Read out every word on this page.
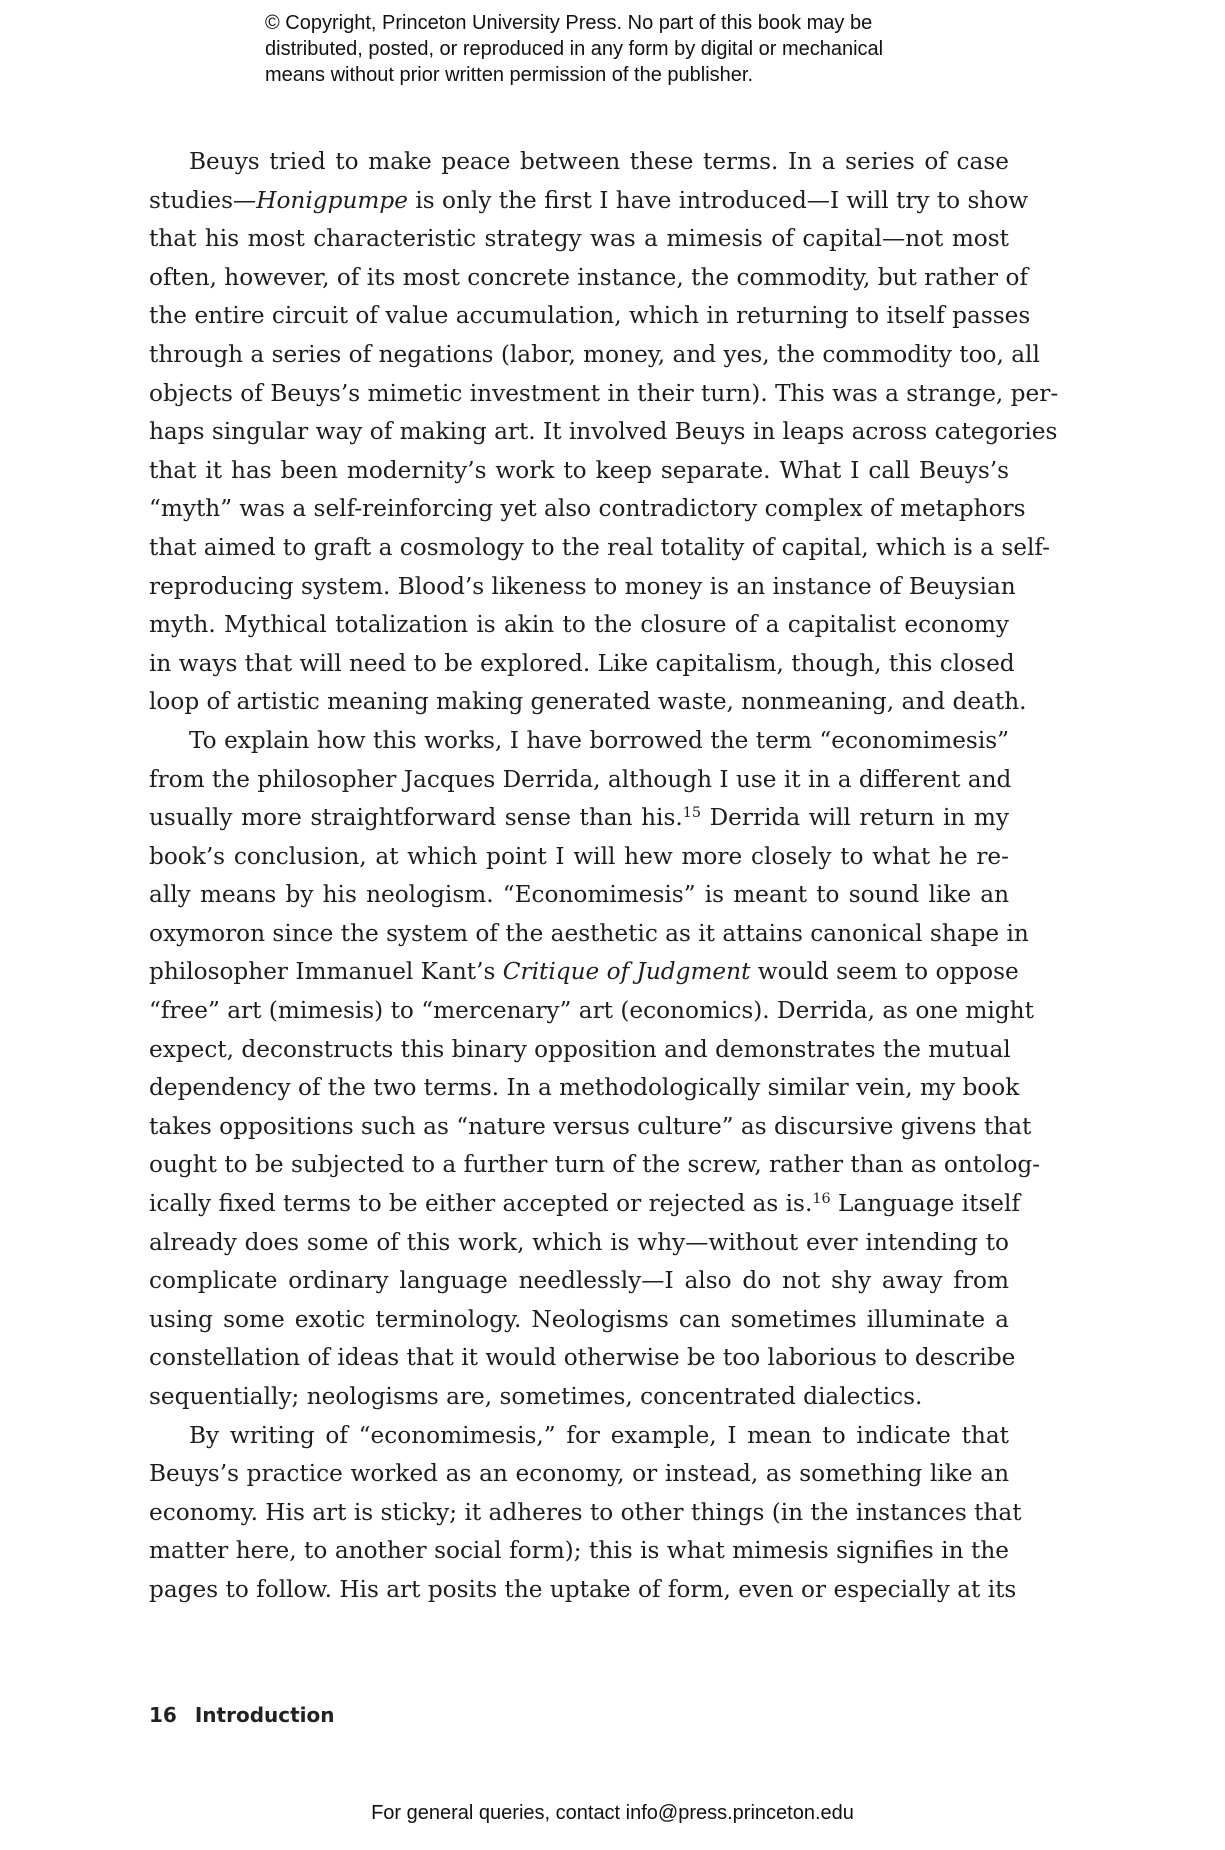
© Copyright, Princeton University Press. No part of this book may be
distributed, posted, or reproduced in any form by digital or mechanical
means without prior written permission of the publisher.
Beuys tried to make peace between these terms. In a series of case
studies—Honigpumpe is only the first I have introduced—I will try to show
that his most characteristic strategy was a mimesis of capital—not most
often, however, of its most concrete instance, the commodity, but rather of
the entire circuit of value accumulation, which in returning to itself passes
through a series of negations (labor, money, and yes, the commodity too, all
objects of Beuys’s mimetic investment in their turn). This was a strange, per-
haps singular way of making art. It involved Beuys in leaps across categories
that it has been modernity’s work to keep separate. What I call Beuys’s
“myth” was a self-reinforcing yet also contradictory complex of metaphors
that aimed to graft a cosmology to the real totality of capital, which is a self-
reproducing system. Blood’s likeness to money is an instance of Beuysian
myth. Mythical totalization is akin to the closure of a capitalist economy
in ways that will need to be explored. Like capitalism, though, this closed
loop of artistic meaning making generated waste, nonmeaning, and death.
To explain how this works, I have borrowed the term “economimesis”
from the philosopher Jacques Derrida, although I use it in a different and
usually more straightforward sense than his.$^{15}$ Derrida will return in my
book’s conclusion, at which point I will hew more closely to what he re-
ally means by his neologism. “Economimesis” is meant to sound like an
oxymoron since the system of the aesthetic as it attains canonical shape in
philosopher Immanuel Kant’s Critique of Judgment would seem to oppose
“free” art (mimesis) to “mercenary” art (economics). Derrida, as one might
expect, deconstructs this binary opposition and demonstrates the mutual
dependency of the two terms. In a methodologically similar vein, my book
takes oppositions such as “nature versus culture” as discursive givens that
ought to be subjected to a further turn of the screw, rather than as ontolog-
ically fixed terms to be either accepted or rejected as is.$^{16}$ Language itself
already does some of this work, which is why—without ever intending to
complicate ordinary language needlessly—I also do not shy away from
using some exotic terminology. Neologisms can sometimes illuminate a
constellation of ideas that it would otherwise be too laborious to describe
sequentially; neologisms are, sometimes, concentrated dialectics.
By writing of “economimesis,” for example, I mean to indicate that
Beuys’s practice worked as an economy, or instead, as something like an
economy. His art is sticky; it adheres to other things (in the instances that
matter here, to another social form); this is what mimesis signifies in the
pages to follow. His art posits the uptake of form, even or especially at its
16 Introduction
For general queries, contact info@press.princeton.edu
